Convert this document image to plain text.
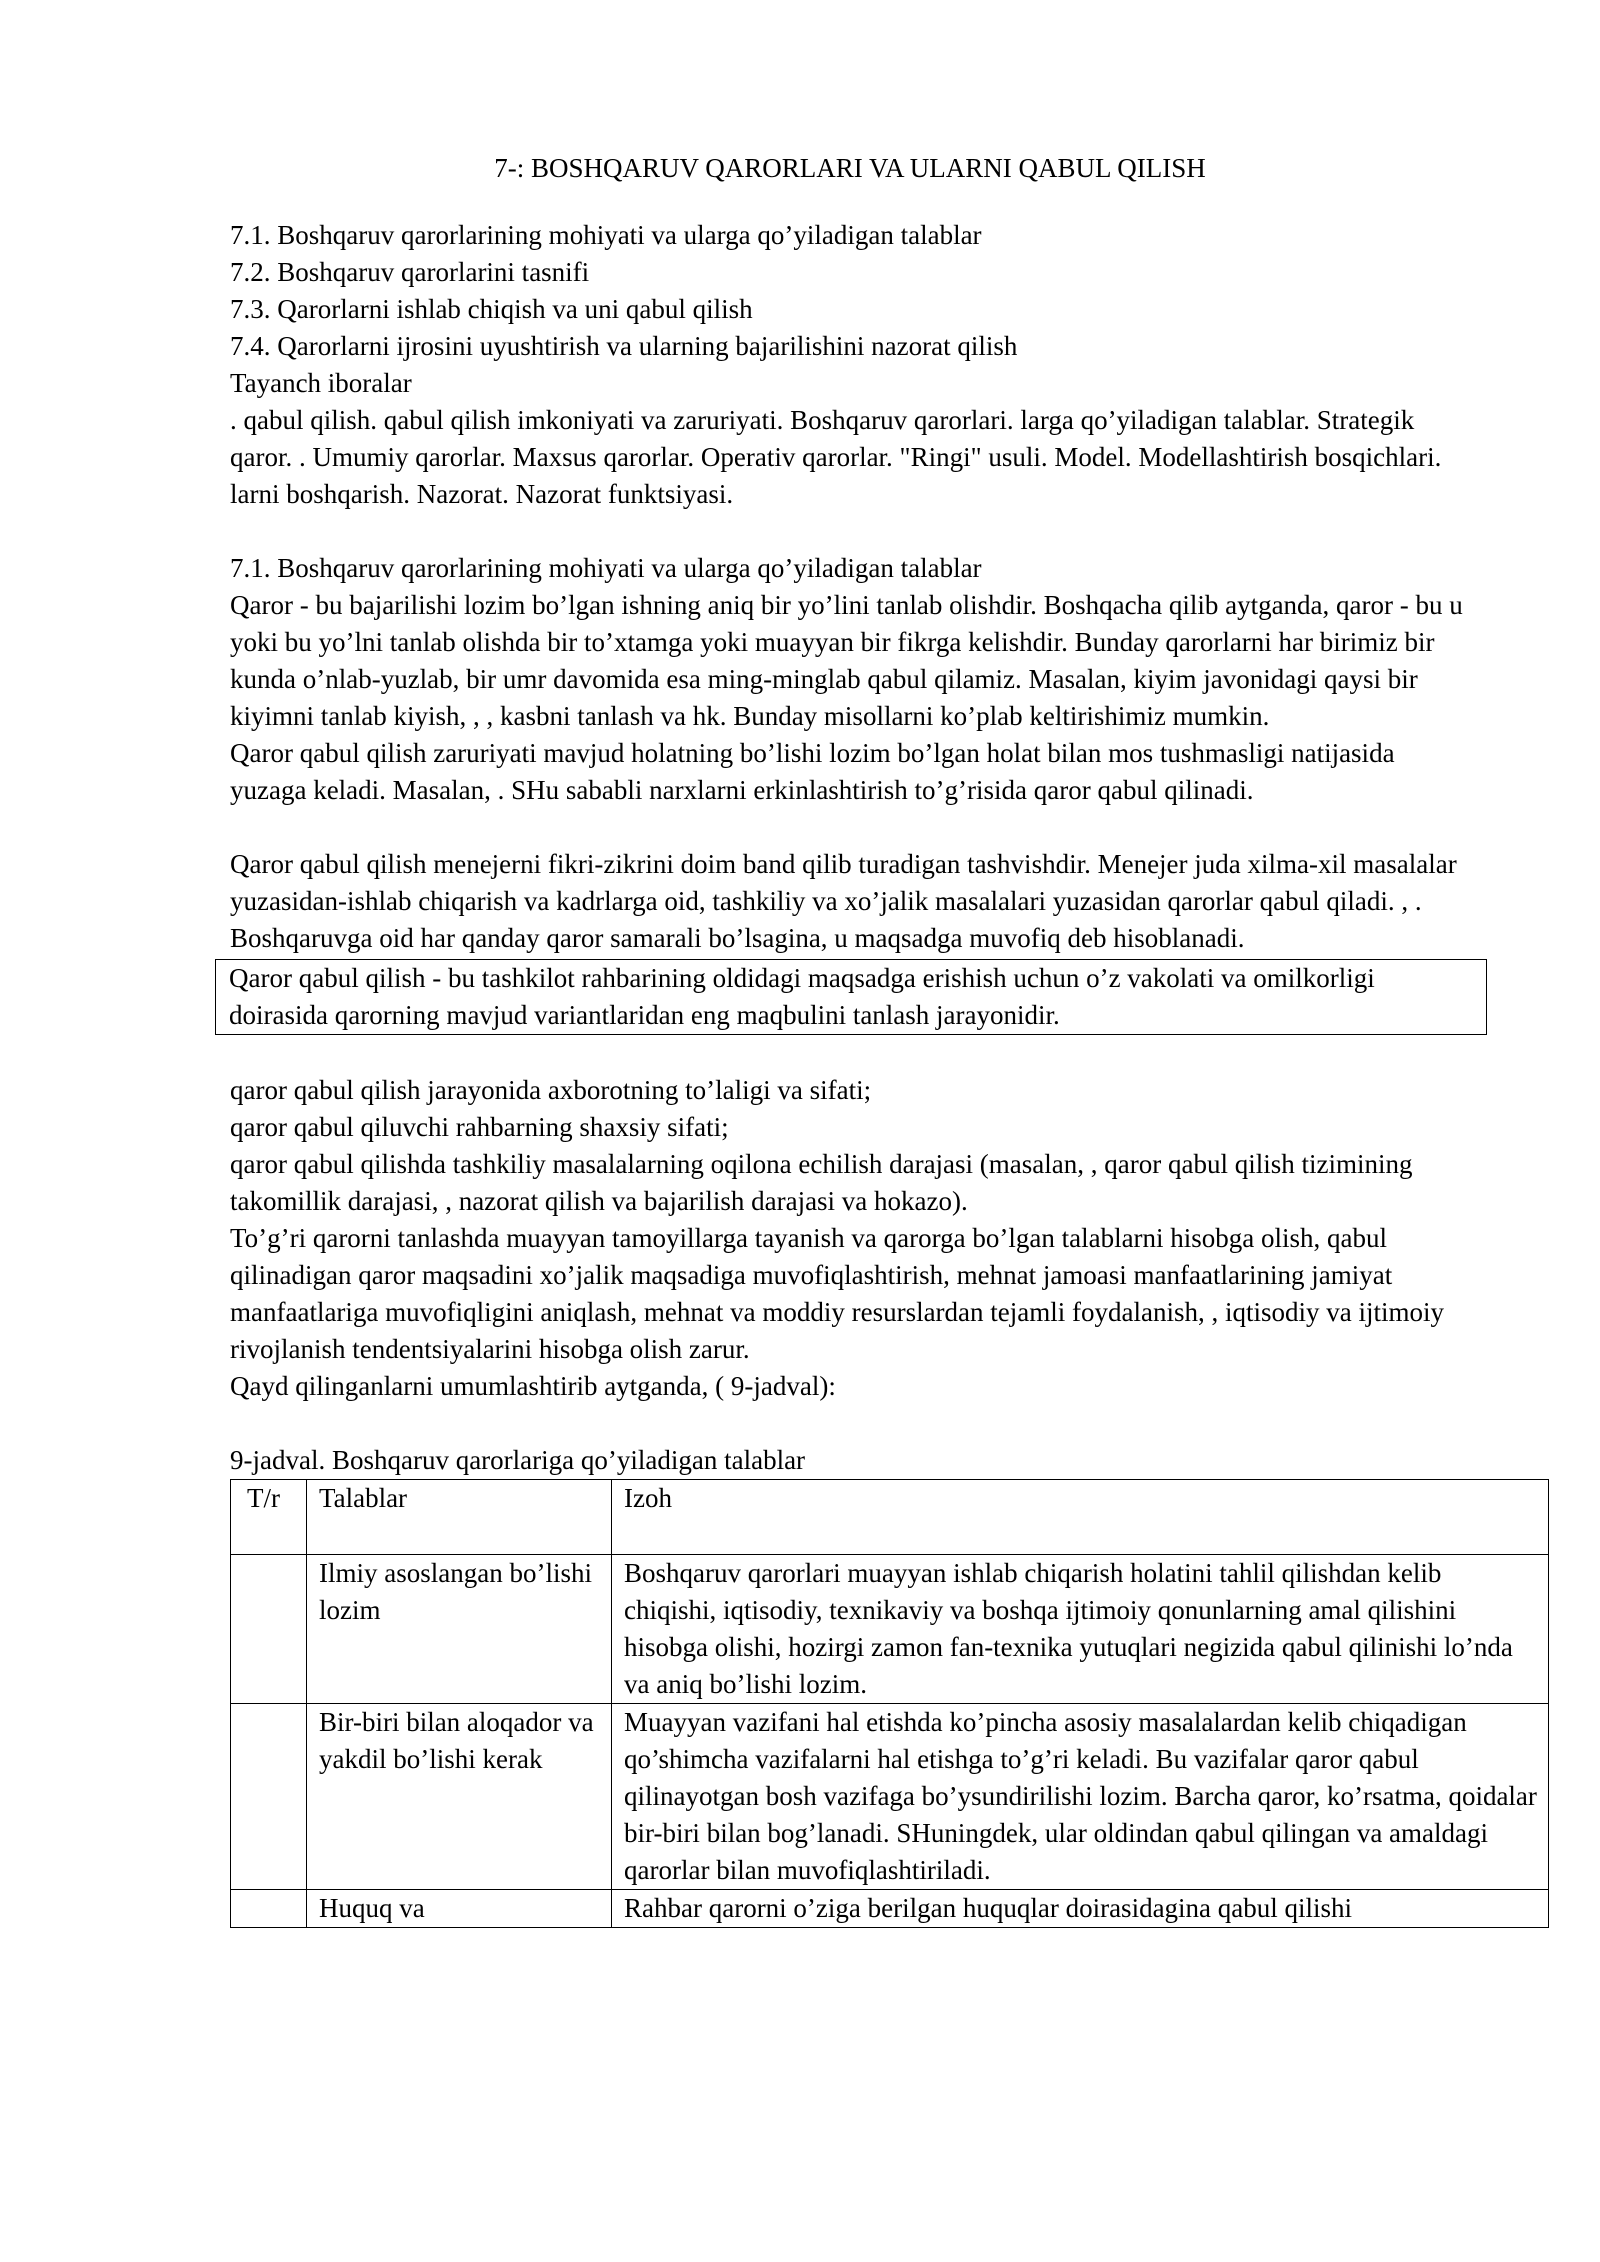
7-: BOSHQARUV QARORLARI VA ULARNI QABUL QILISH
7.1. Boshqaruv qarorlarining mohiyati va ularga qo’yiladigan talablar
7.2. Boshqaruv qarorlarini tasnifi
7.3. Qarorlarni ishlab chiqish va uni qabul qilish
7.4. Qarorlarni ijrosini uyushtirish va ularning bajarilishini nazorat qilish
Tayanch iboralar

. qabul qilish. qabul qilish imkoniyati va zaruriyati. Boshqaruv qarorlari. larga qo’yiladigan talablar. Strategik qaror. . Umumiy qarorlar. Maxsus qarorlar. Operativ qarorlar. "Ringi" usuli. Model. Modellashtirish bosqichlari. larni boshqarish. Nazorat. Nazorat funktsiyasi.

7.1. Boshqaruv qarorlarining mohiyati va ularga qo’yiladigan talablar

Qaror - bu bajarilishi lozim bo’lgan ishning aniq bir yo’lini tanlab olishdir. Boshqacha qilib aytganda, qaror - bu u yoki bu yo’lni tanlab olishda bir to’xtamga yoki muayyan bir fikrga kelishdir. Bunday qarorlarni har birimiz bir kunda o’nlab-yuzlab, bir umr davomida esa ming-minglab qabul qilamiz. Masalan, kiyim javonidagi qaysi bir kiyimni tanlab kiyish, , , kasbni tanlash va hk. Bunday misollarni ko’plab keltirishimiz mumkin.

Qaror qabul qilish zaruriyati mavjud holatning bo’lishi lozim bo’lgan holat bilan mos tushmasligi natijasida yuzaga keladi. Masalan, . SHu sababli narxlarni erkinlashtirish to’g’risida qaror qabul qilinadi.

Qaror qabul qilish menejerni fikri-zikrini doim band qilib turadigan tashvishdir. Menejer juda xilma-xil masalalar yuzasidan-ishlab chiqarish va kadrlarga oid, tashkiliy va xo’jalik masalalari yuzasidan qarorlar qabul qiladi. , . Boshqaruvga oid har qanday qaror samarali bo’lsagina, u maqsadga muvofiq deb hisoblanadi.

Qaror qabul qilish - bu tashkilot rahbarining oldidagi maqsadga erishish uchun o’z vakolati va omilkorligi doirasida qarorning mavjud variantlaridan eng maqbulini tanlash jarayonidir.
qaror qabul qilish jarayonida axborotning to’laligi va sifati;
qaror qabul qiluvchi rahbarning shaxsiy sifati;
qaror qabul qilishda tashkiliy masalalarning oqilona echilish darajasi (masalan, , qaror qabul qilish tizimining takomillik darajasi, , nazorat qilish va bajarilish darajasi va hokazo).

To’g’ri qarorni tanlashda muayyan tamoyillarga tayanish va qarorga bo’lgan talablarni hisobga olish, qabul qilinadigan qaror maqsadini xo’jalik maqsadiga muvofiqlashtirish, mehnat jamoasi manfaatlarining jamiyat manfaatlariga muvofiqligini aniqlash, mehnat va moddiy resurslardan tejamli foydalanish, , iqtisodiy va ijtimoiy rivojlanish tendentsiyalarini hisobga olish zarur.

Qayd qilinganlarni umumlashtirib aytganda, ( 9-jadval):

9-jadval. Boshqaruv qarorlariga qo’yiladigan talablar
T/r	Talablar	Izoh
	Ilmiy asoslangan bo’lishi lozim	Boshqaruv qarorlari muayyan ishlab chiqarish holatini tahlil qilishdan kelib chiqishi, iqtisodiy, texnikaviy va boshqa ijtimoiy qonunlarning amal qilishini hisobga olishi, hozirgi zamon fan-texnika yutuqlari negizida qabul qilinishi lo’nda va aniq bo’lishi lozim.
	Bir-biri bilan aloqador va yakdil bo’lishi kerak	Muayyan vazifani hal etishda ko’pincha asosiy masalalardan kelib chiqadigan qo’shimcha vazifalarni hal etishga to’g’ri keladi. Bu vazifalar qaror qabul qilinayotgan bosh vazifaga bo’ysundirilishi lozim. Barcha qaror, ko’rsatma, qoidalar bir-biri bilan bog’lanadi. SHuningdek, ular oldindan qabul qilingan va amaldagi qarorlar bilan muvofiqlashtiriladi.
	Huquq va	Rahbar qarorni o’ziga berilgan huquqlar doirasidagina qabul qilishi
